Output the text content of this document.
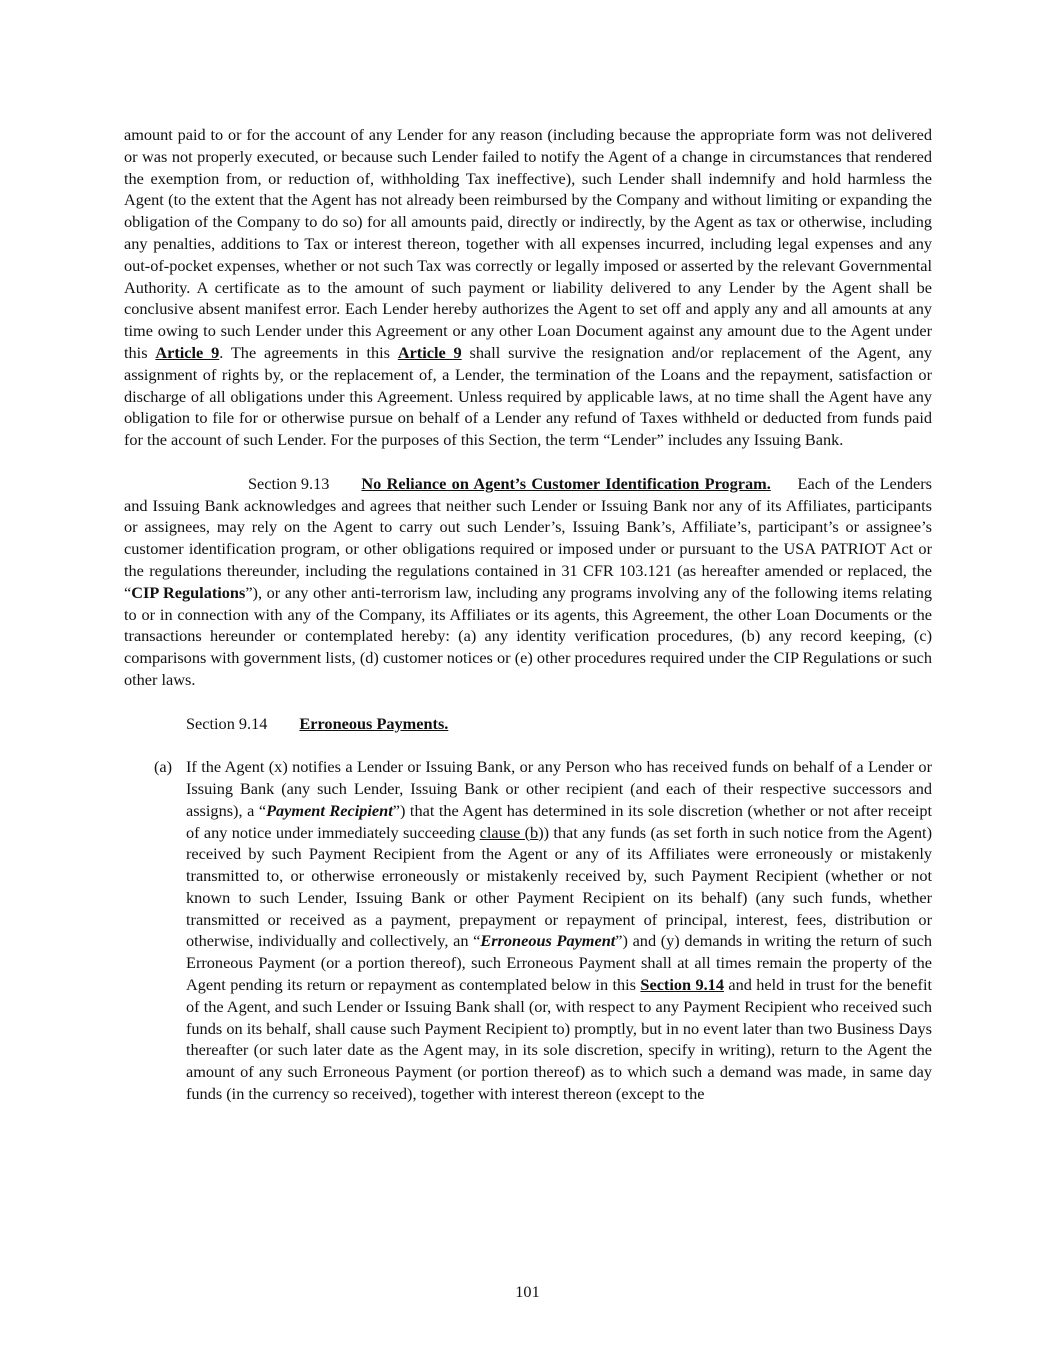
amount paid to or for the account of any Lender for any reason (including because the appropriate form was not delivered or was not properly executed, or because such Lender failed to notify the Agent of a change in circumstances that rendered the exemption from, or reduction of, withholding Tax ineffective), such Lender shall indemnify and hold harmless the Agent (to the extent that the Agent has not already been reimbursed by the Company and without limiting or expanding the obligation of the Company to do so) for all amounts paid, directly or indirectly, by the Agent as tax or otherwise, including any penalties, additions to Tax or interest thereon, together with all expenses incurred, including legal expenses and any out-of-pocket expenses, whether or not such Tax was correctly or legally imposed or asserted by the relevant Governmental Authority. A certificate as to the amount of such payment or liability delivered to any Lender by the Agent shall be conclusive absent manifest error. Each Lender hereby authorizes the Agent to set off and apply any and all amounts at any time owing to such Lender under this Agreement or any other Loan Document against any amount due to the Agent under this Article 9. The agreements in this Article 9 shall survive the resignation and/or replacement of the Agent, any assignment of rights by, or the replacement of, a Lender, the termination of the Loans and the repayment, satisfaction or discharge of all obligations under this Agreement. Unless required by applicable laws, at no time shall the Agent have any obligation to file for or otherwise pursue on behalf of a Lender any refund of Taxes withheld or deducted from funds paid for the account of such Lender. For the purposes of this Section, the term “Lender” includes any Issuing Bank.

Section 9.13 No Reliance on Agent’s Customer Identification Program. Each of the Lenders and Issuing Bank acknowledges and agrees that neither such Lender or Issuing Bank nor any of its Affiliates, participants or assignees, may rely on the Agent to carry out such Lender’s, Issuing Bank’s, Affiliate’s, participant’s or assignee’s customer identification program, or other obligations required or imposed under or pursuant to the USA PATRIOT Act or the regulations thereunder, including the regulations contained in 31 CFR 103.121 (as hereafter amended or replaced, the “CIP Regulations”), or any other anti-terrorism law, including any programs involving any of the following items relating to or in connection with any of the Company, its Affiliates or its agents, this Agreement, the other Loan Documents or the transactions hereunder or contemplated hereby: (a) any identity verification procedures, (b) any record keeping, (c) comparisons with government lists, (d) customer notices or (e) other procedures required under the CIP Regulations or such other laws.

Section 9.14 Erroneous Payments.

(a) If the Agent (x) notifies a Lender or Issuing Bank, or any Person who has received funds on behalf of a Lender or Issuing Bank (any such Lender, Issuing Bank or other recipient (and each of their respective successors and assigns), a “Payment Recipient”) that the Agent has determined in its sole discretion (whether or not after receipt of any notice under immediately succeeding clause (b)) that any funds (as set forth in such notice from the Agent) received by such Payment Recipient from the Agent or any of its Affiliates were erroneously or mistakenly transmitted to, or otherwise erroneously or mistakenly received by, such Payment Recipient (whether or not known to such Lender, Issuing Bank or other Payment Recipient on its behalf) (any such funds, whether transmitted or received as a payment, prepayment or repayment of principal, interest, fees, distribution or otherwise, individually and collectively, an “Erroneous Payment”) and (y) demands in writing the return of such Erroneous Payment (or a portion thereof), such Erroneous Payment shall at all times remain the property of the Agent pending its return or repayment as contemplated below in this Section 9.14 and held in trust for the benefit of the Agent, and such Lender or Issuing Bank shall (or, with respect to any Payment Recipient who received such funds on its behalf, shall cause such Payment Recipient to) promptly, but in no event later than two Business Days thereafter (or such later date as the Agent may, in its sole discretion, specify in writing), return to the Agent the amount of any such Erroneous Payment (or portion thereof) as to which such a demand was made, in same day funds (in the currency so received), together with interest thereon (except to the

101
